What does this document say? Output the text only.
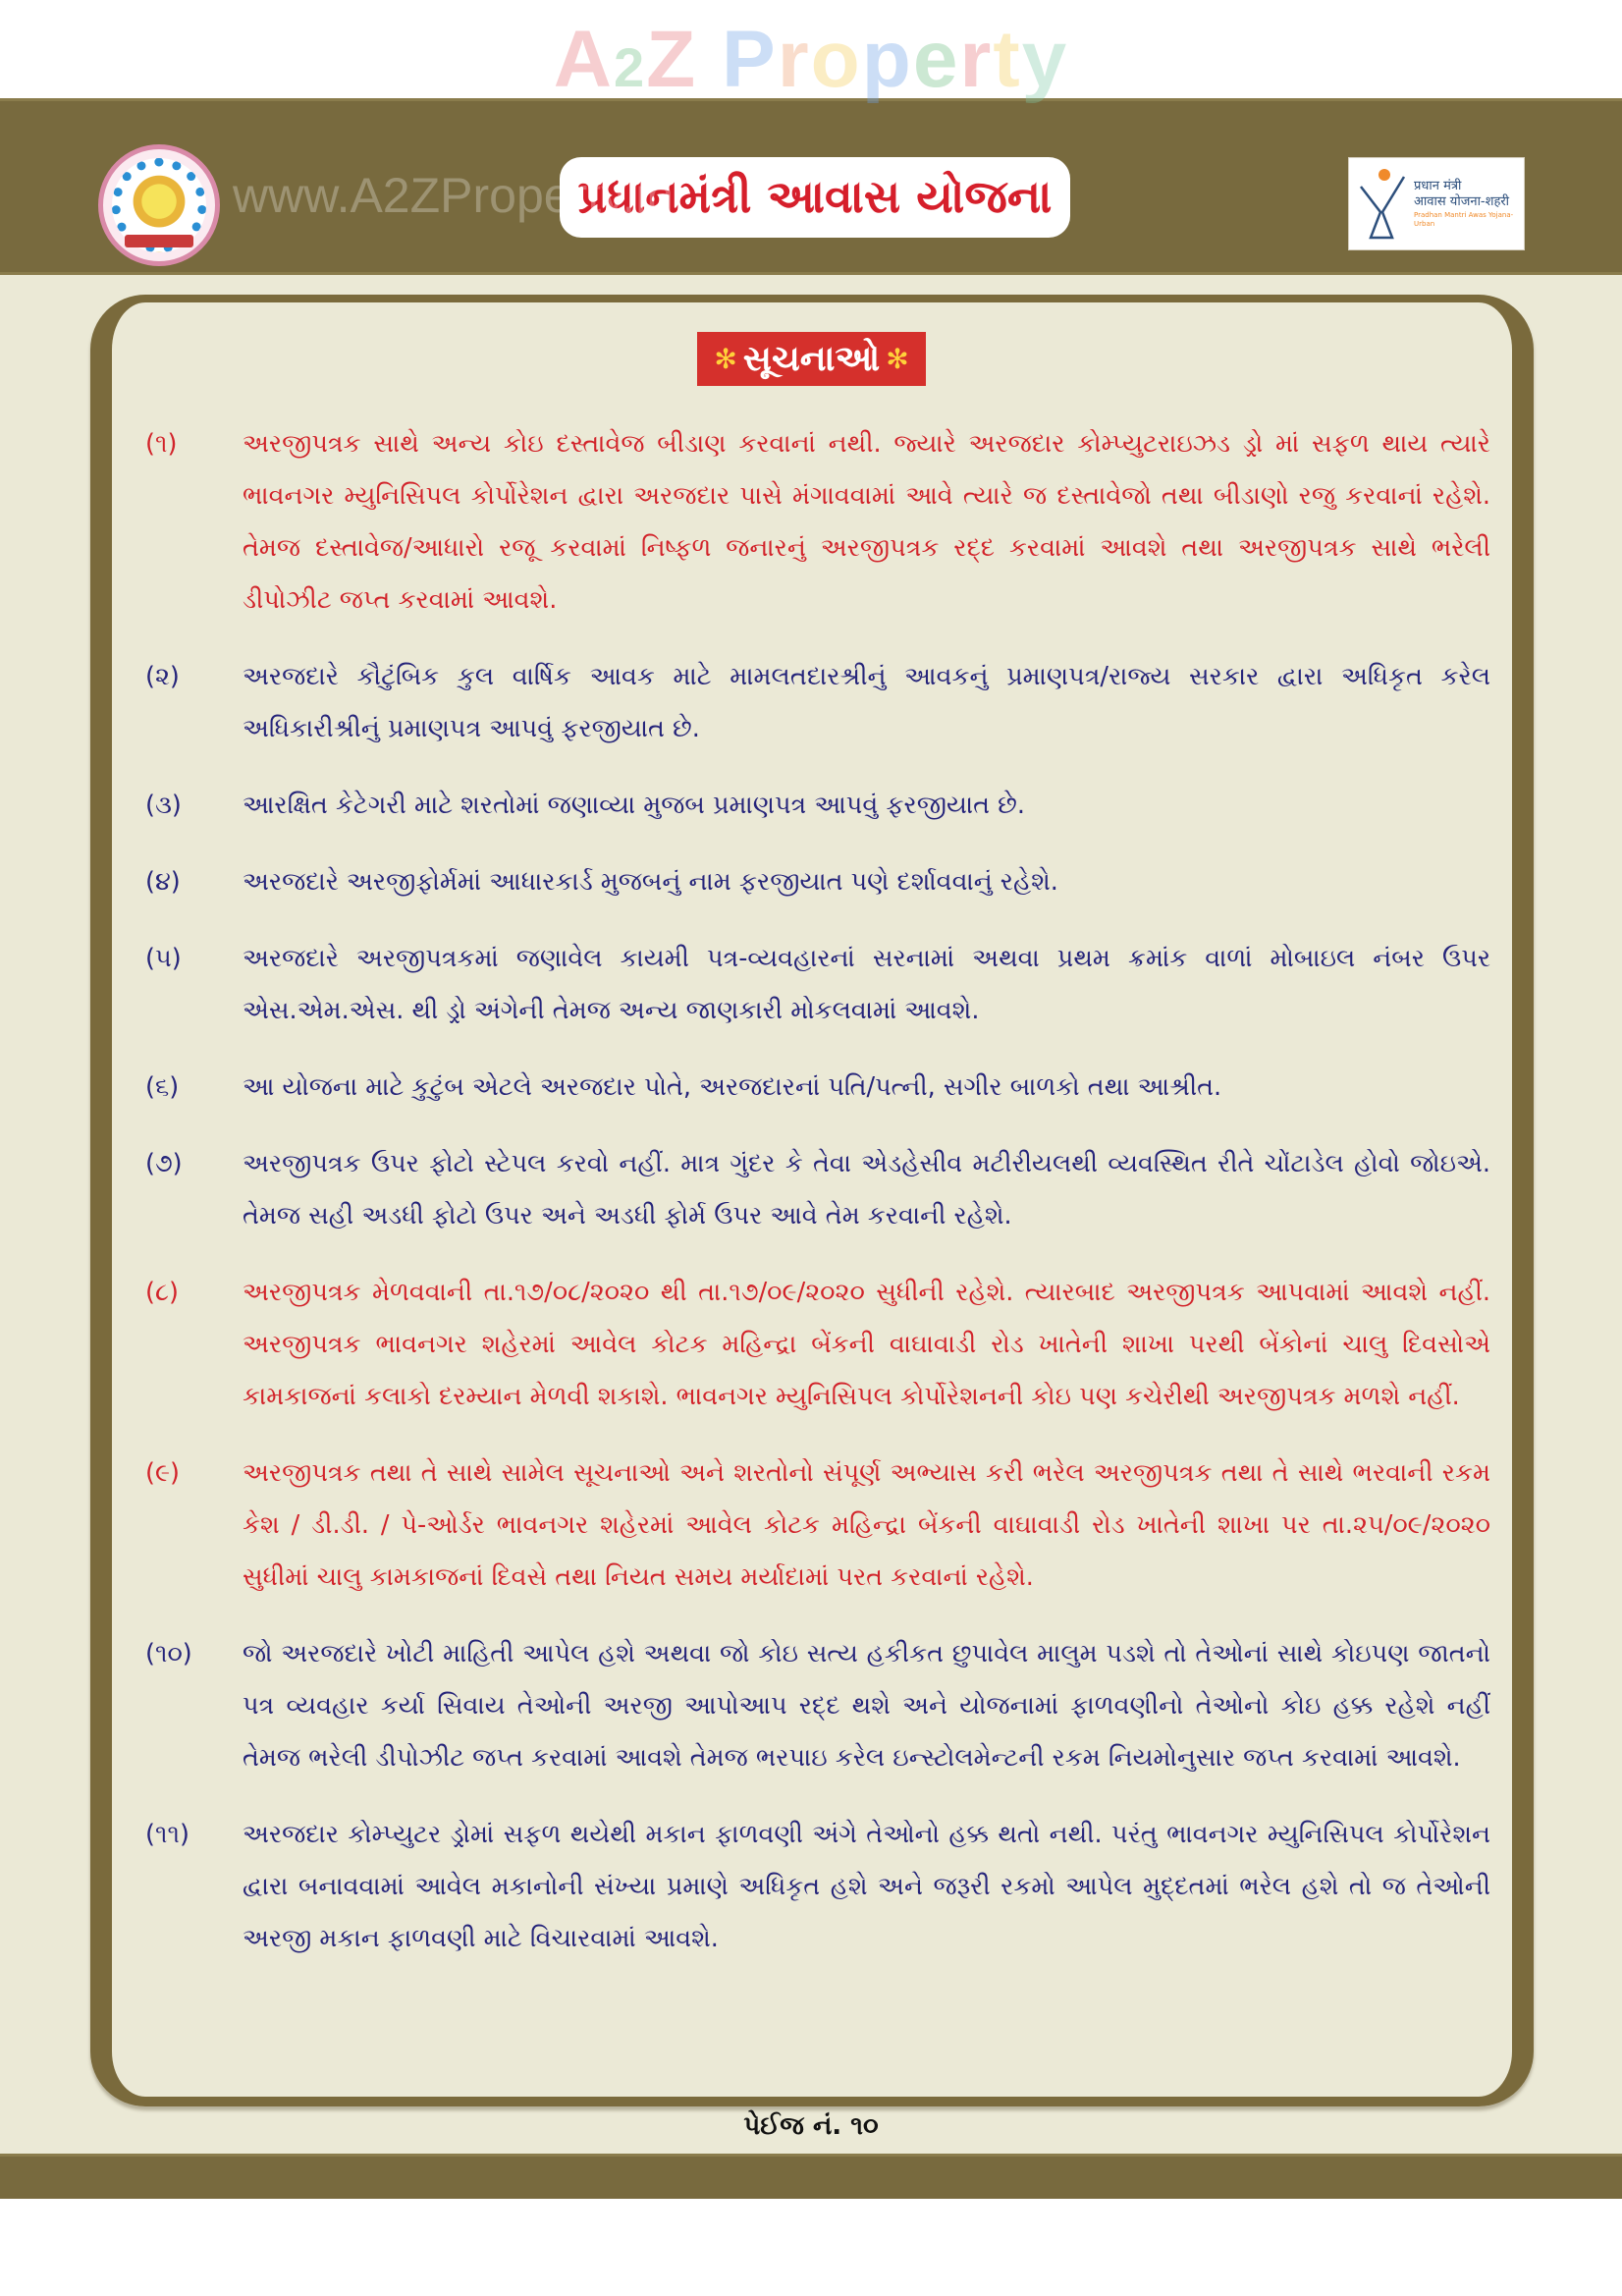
A2Z Property
www.A2ZProperty.in
પ્રધાનમંત્રી આવાસ યોજના	प्रधान मंत्री
आवास योजना-शहरी
Pradhan Mantri Awas Yojana-Urban
✻ સૂચનાઓ ✻
(૧)	અરજીપત્રક સાથે અન્ય કોઇ દસ્તાવેજ બીડાણ કરવાનાં નથી. જ્યારે અરજદાર કોમ્પ્યુટરાઇઝડ ડ્રો માં સફળ થાય ત્યારે ભાવનગર મ્યુનિસિપલ કોર્પોરેશન દ્વારા અરજદાર પાસે મંગાવવામાં આવે ત્યારે જ દસ્તાવેજો તથા બીડાણો રજુ કરવાનાં રહેશે. તેમજ દસ્તાવેજ/આધારો રજૂ કરવામાં નિષ્ફળ જનારનું અરજીપત્રક રદ્દ કરવામાં આવશે તથા અરજીપત્રક સાથે ભરેલી ડીપોઝીટ જપ્ત કરવામાં આવશે.
(૨)	અરજદારે કૌટુંબિક કુલ વાર્ષિક આવક માટે મામલતદારશ્રીનું આવકનું પ્રમાણપત્ર/રાજ્ય સરકાર દ્વારા અધિકૃત કરેલ અધિકારીશ્રીનું પ્રમાણપત્ર આપવું ફરજીયાત છે.
(૩)	આરક્ષિત કેટેગરી માટે શરતોમાં જણાવ્યા મુજબ પ્રમાણપત્ર આપવું ફરજીયાત છે.
(૪)	અરજદારે અરજીફોર્મમાં આધારકાર્ડ મુજબનું નામ ફરજીયાત પણે દર્શાવવાનું રહેશે.
(૫)	અરજદારે અરજીપત્રકમાં જણાવેલ કાયમી પત્ર-વ્યવહારનાં સરનામાં અથવા પ્રથમ ક્રમાંક વાળાં મોબાઇલ નંબર ઉપર એસ.એમ.એસ. થી ડ્રો અંગેની તેમજ અન્ય જાણકારી મોકલવામાં આવશે.
(૬)	આ યોજના માટે કુટુંબ એટલે અરજદાર પોતે, અરજદારનાં પતિ/પત્ની, સગીર બાળકો તથા આશ્રીત.
(૭)	અરજીપત્રક ઉપર ફોટો સ્ટેપલ કરવો નહીં. માત્ર ગુંદર કે તેવા એડહેસીવ મટીરીયલથી વ્યવસ્થિત રીતે ચોંટાડેલ હોવો જોઇએ. તેમજ સહી અડધી ફોટો ઉપર અને અડધી ફોર્મ ઉપર આવે તેમ કરવાની રહેશે.
(૮)	અરજીપત્રક મેળવવાની તા.૧૭/૦૮/૨૦૨૦ થી તા.૧૭/૦૯/૨૦૨૦ સુધીની રહેશે. ત્યારબાદ અરજીપત્રક આપવામાં આવશે નહીં. અરજીપત્રક ભાવનગર શહેરમાં આવેલ કોટક મહિન્દ્રા બેંકની વાઘાવાડી રોડ ખાતેની શાખા પરથી બેંકોનાં ચાલુ દિવસોએ કામકાજનાં કલાકો દરમ્યાન મેળવી શકાશે. ભાવનગર મ્યુનિસિપલ કોર્પોરેશનની કોઇ પણ કચેરીથી અરજીપત્રક મળશે નહીં.
(૯)	અરજીપત્રક તથા તે સાથે સામેલ સૂચનાઓ અને શરતોનો સંપૂર્ણ અભ્યાસ કરી ભરેલ અરજીપત્રક તથા તે સાથે ભરવાની રકમ કેશ / ડી.ડી. / પે-ઓર્ડર ભાવનગર શહેરમાં આવેલ કોટક મહિન્દ્રા બેંકની વાઘાવાડી રોડ ખાતેની શાખા પર તા.૨૫/૦૯/૨૦૨૦ સુધીમાં ચાલુ કામકાજનાં દિવસે તથા નિયત સમય મર્યાદામાં પરત કરવાનાં રહેશે.
(૧૦)	જો અરજદારે ખોટી માહિતી આપેલ હશે અથવા જો કોઇ સત્ય હકીકત છુપાવેલ માલુમ પડશે તો તેઓનાં સાથે કોઇપણ જાતનો પત્ર વ્યવહાર કર્યા સિવાય તેઓની અરજી આપોઆપ રદ્દ થશે અને યોજનામાં ફાળવણીનો તેઓનો કોઇ હક્ક રહેશે નહીં તેમજ ભરેલી ડીપોઝીટ જપ્ત કરવામાં આવશે તેમજ ભરપાઇ કરેલ ઇન્સ્ટોલમેન્ટની રકમ નિયમોનુસાર જપ્ત કરવામાં આવશે.
(૧૧)	અરજદાર કોમ્પ્યુટર ડ્રોમાં સફળ થયેથી મકાન ફાળવણી અંગે તેઓનો હક્ક થતો નથી. પરંતુ ભાવનગર મ્યુનિસિપલ કોર્પોરેશન દ્વારા બનાવવામાં આવેલ મકાનોની સંખ્યા પ્રમાણે અધિકૃત હશે અને જરૂરી રકમો આપેલ મુદ્દતમાં ભરેલ હશે તો જ તેઓની અરજી મકાન ફાળવણી માટે વિચારવામાં આવશે.
પેઈજ નં. ૧૦
